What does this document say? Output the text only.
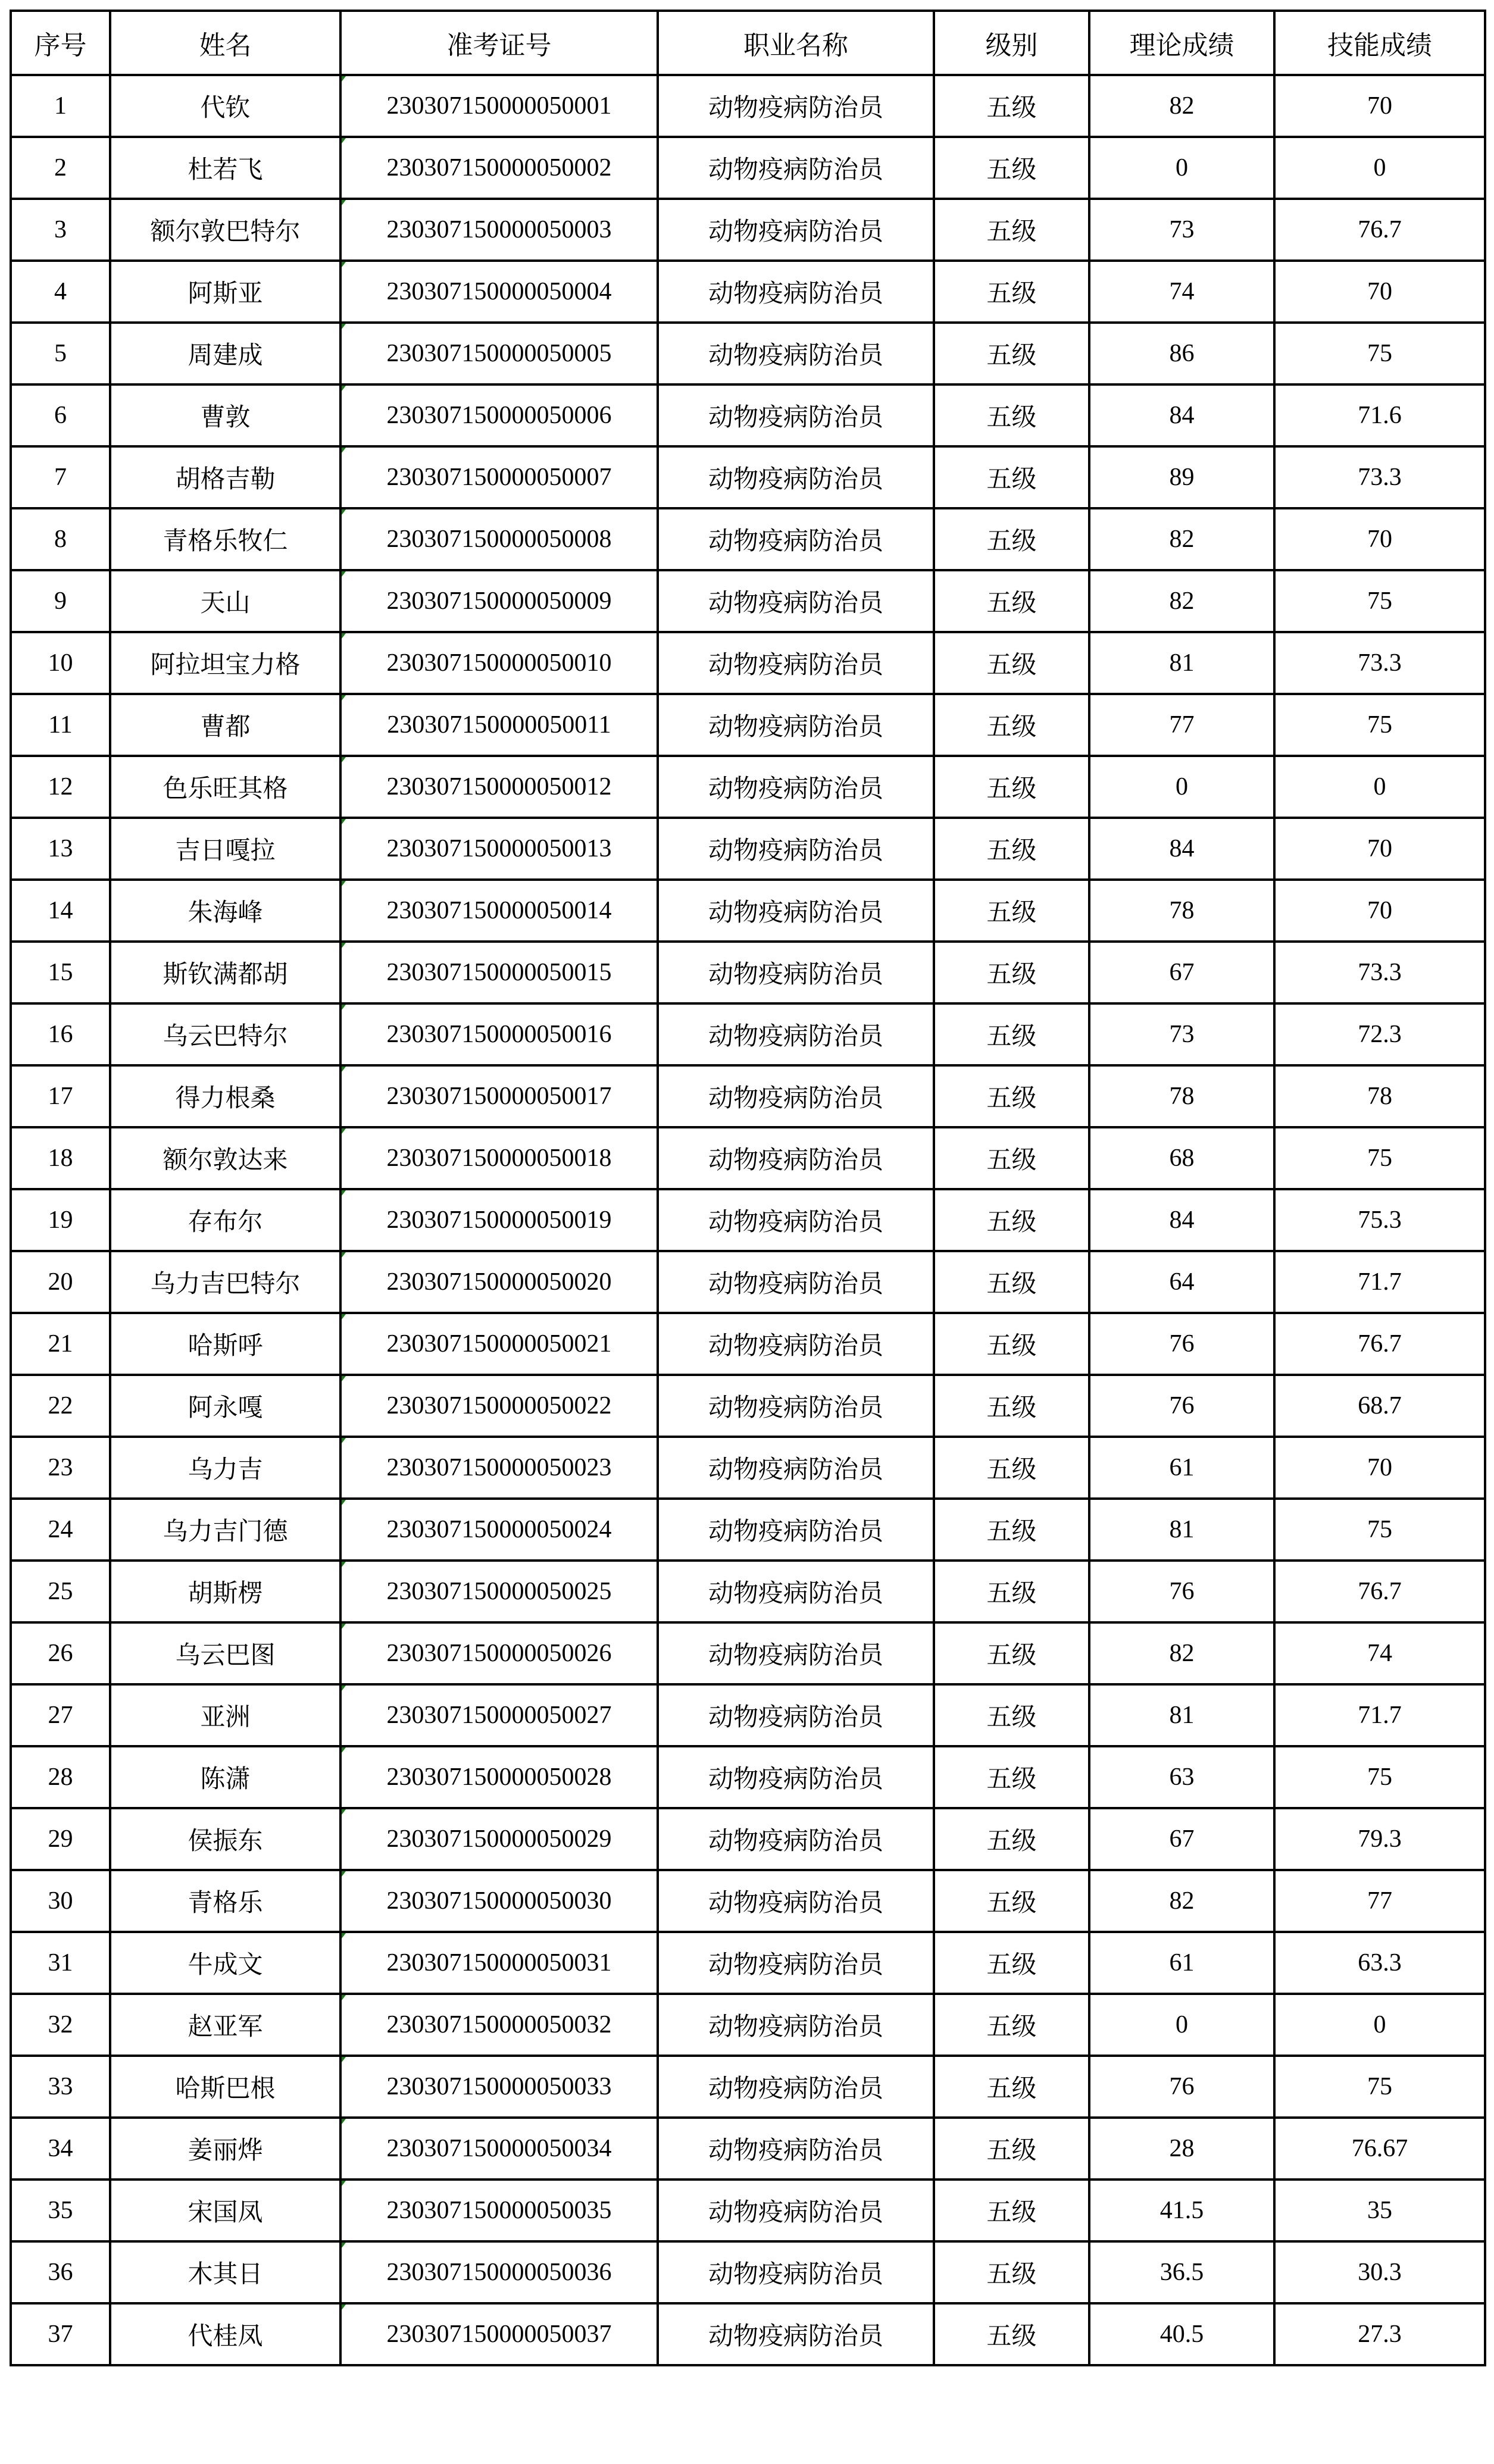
序号	姓名	准考证号	职业名称	级别	理论成绩	技能成绩
1	代钦	230307150000050001	动物疫病防治员	五级	82	70
2	杜若飞	230307150000050002	动物疫病防治员	五级	0	0
3	额尔敦巴特尔	230307150000050003	动物疫病防治员	五级	73	76.7
4	阿斯亚	230307150000050004	动物疫病防治员	五级	74	70
5	周建成	230307150000050005	动物疫病防治员	五级	86	75
6	曹敦	230307150000050006	动物疫病防治员	五级	84	71.6
7	胡格吉勒	230307150000050007	动物疫病防治员	五级	89	73.3
8	青格乐牧仁	230307150000050008	动物疫病防治员	五级	82	70
9	天山	230307150000050009	动物疫病防治员	五级	82	75
10	阿拉坦宝力格	230307150000050010	动物疫病防治员	五级	81	73.3
11	曹都	230307150000050011	动物疫病防治员	五级	77	75
12	色乐旺其格	230307150000050012	动物疫病防治员	五级	0	0
13	吉日嘎拉	230307150000050013	动物疫病防治员	五级	84	70
14	朱海峰	230307150000050014	动物疫病防治员	五级	78	70
15	斯钦满都胡	230307150000050015	动物疫病防治员	五级	67	73.3
16	乌云巴特尔	230307150000050016	动物疫病防治员	五级	73	72.3
17	得力根桑	230307150000050017	动物疫病防治员	五级	78	78
18	额尔敦达来	230307150000050018	动物疫病防治员	五级	68	75
19	存布尔	230307150000050019	动物疫病防治员	五级	84	75.3
20	乌力吉巴特尔	230307150000050020	动物疫病防治员	五级	64	71.7
21	哈斯呼	230307150000050021	动物疫病防治员	五级	76	76.7
22	阿永嘎	230307150000050022	动物疫病防治员	五级	76	68.7
23	乌力吉	230307150000050023	动物疫病防治员	五级	61	70
24	乌力吉门德	230307150000050024	动物疫病防治员	五级	81	75
25	胡斯楞	230307150000050025	动物疫病防治员	五级	76	76.7
26	乌云巴图	230307150000050026	动物疫病防治员	五级	82	74
27	亚洲	230307150000050027	动物疫病防治员	五级	81	71.7
28	陈潇	230307150000050028	动物疫病防治员	五级	63	75
29	侯振东	230307150000050029	动物疫病防治员	五级	67	79.3
30	青格乐	230307150000050030	动物疫病防治员	五级	82	77
31	牛成文	230307150000050031	动物疫病防治员	五级	61	63.3
32	赵亚军	230307150000050032	动物疫病防治员	五级	0	0
33	哈斯巴根	230307150000050033	动物疫病防治员	五级	76	75
34	姜丽烨	230307150000050034	动物疫病防治员	五级	28	76.67
35	宋国凤	230307150000050035	动物疫病防治员	五级	41.5	35
36	木其日	230307150000050036	动物疫病防治员	五级	36.5	30.3
37	代桂凤	230307150000050037	动物疫病防治员	五级	40.5	27.3
